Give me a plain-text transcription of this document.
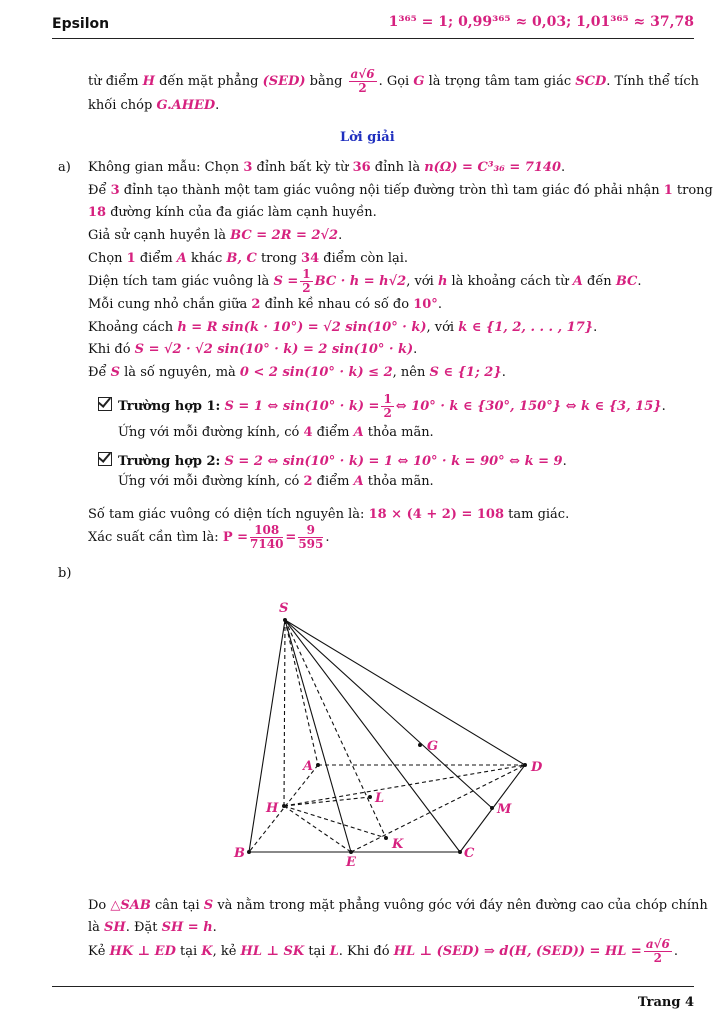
Epsilon	1³⁶⁵ = 1; 0,99³⁶⁵ ≈ 0,03; 1,01³⁶⁵ ≈ 37,78
từ điểm H đến mặt phẳng (SED) bằng $\frac{a√6}{2}$ . Gọi G là trọng tâm tam giác SCD. Tính thể tích
khối chóp G.AHED.
Lời giải
a) Không gian mẫu: Chọn 3 đỉnh bất kỳ từ 36 đỉnh là n(Ω) = C³₃₆ = 7140.
Để 3 đỉnh tạo thành một tam giác vuông nội tiếp đường tròn thì tam giác đó phải nhận 1 trong
18 đường kính của đa giác làm cạnh huyền.
Giả sử cạnh huyền là BC = 2R = 2√2.
Chọn 1 điểm A khác B, C trong 34 điểm còn lại.
Diện tích tam giác vuông là $S = \frac{1}{2}$ BC · h = h√2, với h là khoảng cách từ A đến BC.
Mỗi cung nhỏ chắn giữa 2 đỉnh kề nhau có số đo 10°.
Khoảng cách h = R sin(k · 10°) = √2 sin(10° · k), với k ∈ {1, 2, . . . , 17}.
Khi đó S = √2 · √2 sin(10° · k) = 2 sin(10° · k).
Để S là số nguyên, mà 0 < 2 sin(10° · k) ≤ 2, nên S ∈ {1; 2}.
Trường hợp 1: S = 1 ⇔ $\sin(10^\circ \cdot k) = \frac{1}{2}$ ⇔ 10° · k ∈ {30°, 150°} ⇔ k ∈ {3, 15}.
Ứng với mỗi đường kính, có 4 điểm A thỏa mãn.
Trường hợp 2: S = 2 ⇔ sin(10° · k) = 1 ⇔ 10° · k = 90° ⇔ k = 9.
Ứng với mỗi đường kính, có 2 điểm A thỏa mãn.
Số tam giác vuông có diện tích nguyên là: 18 × (4 + 2) = 108 tam giác.
Xác suất cần tìm là: $P = \frac{108}{7140} = \frac{9}{595}$ .
b)
S
A	D
G
L
H	M
K
B
E
C
Do △SAB cân tại S và nằm trong mặt phẳng vuông góc với đáy nên đường cao của chóp chính
là SH. Đặt SH = h.
Kẻ HK ⊥ ED tại K, kẻ HL ⊥ SK tại L. Khi đó HL ⊥ (SED) ⇒ d(H, (SED)) = HL = $\frac{a√6}{2}$ .
Trang 4
